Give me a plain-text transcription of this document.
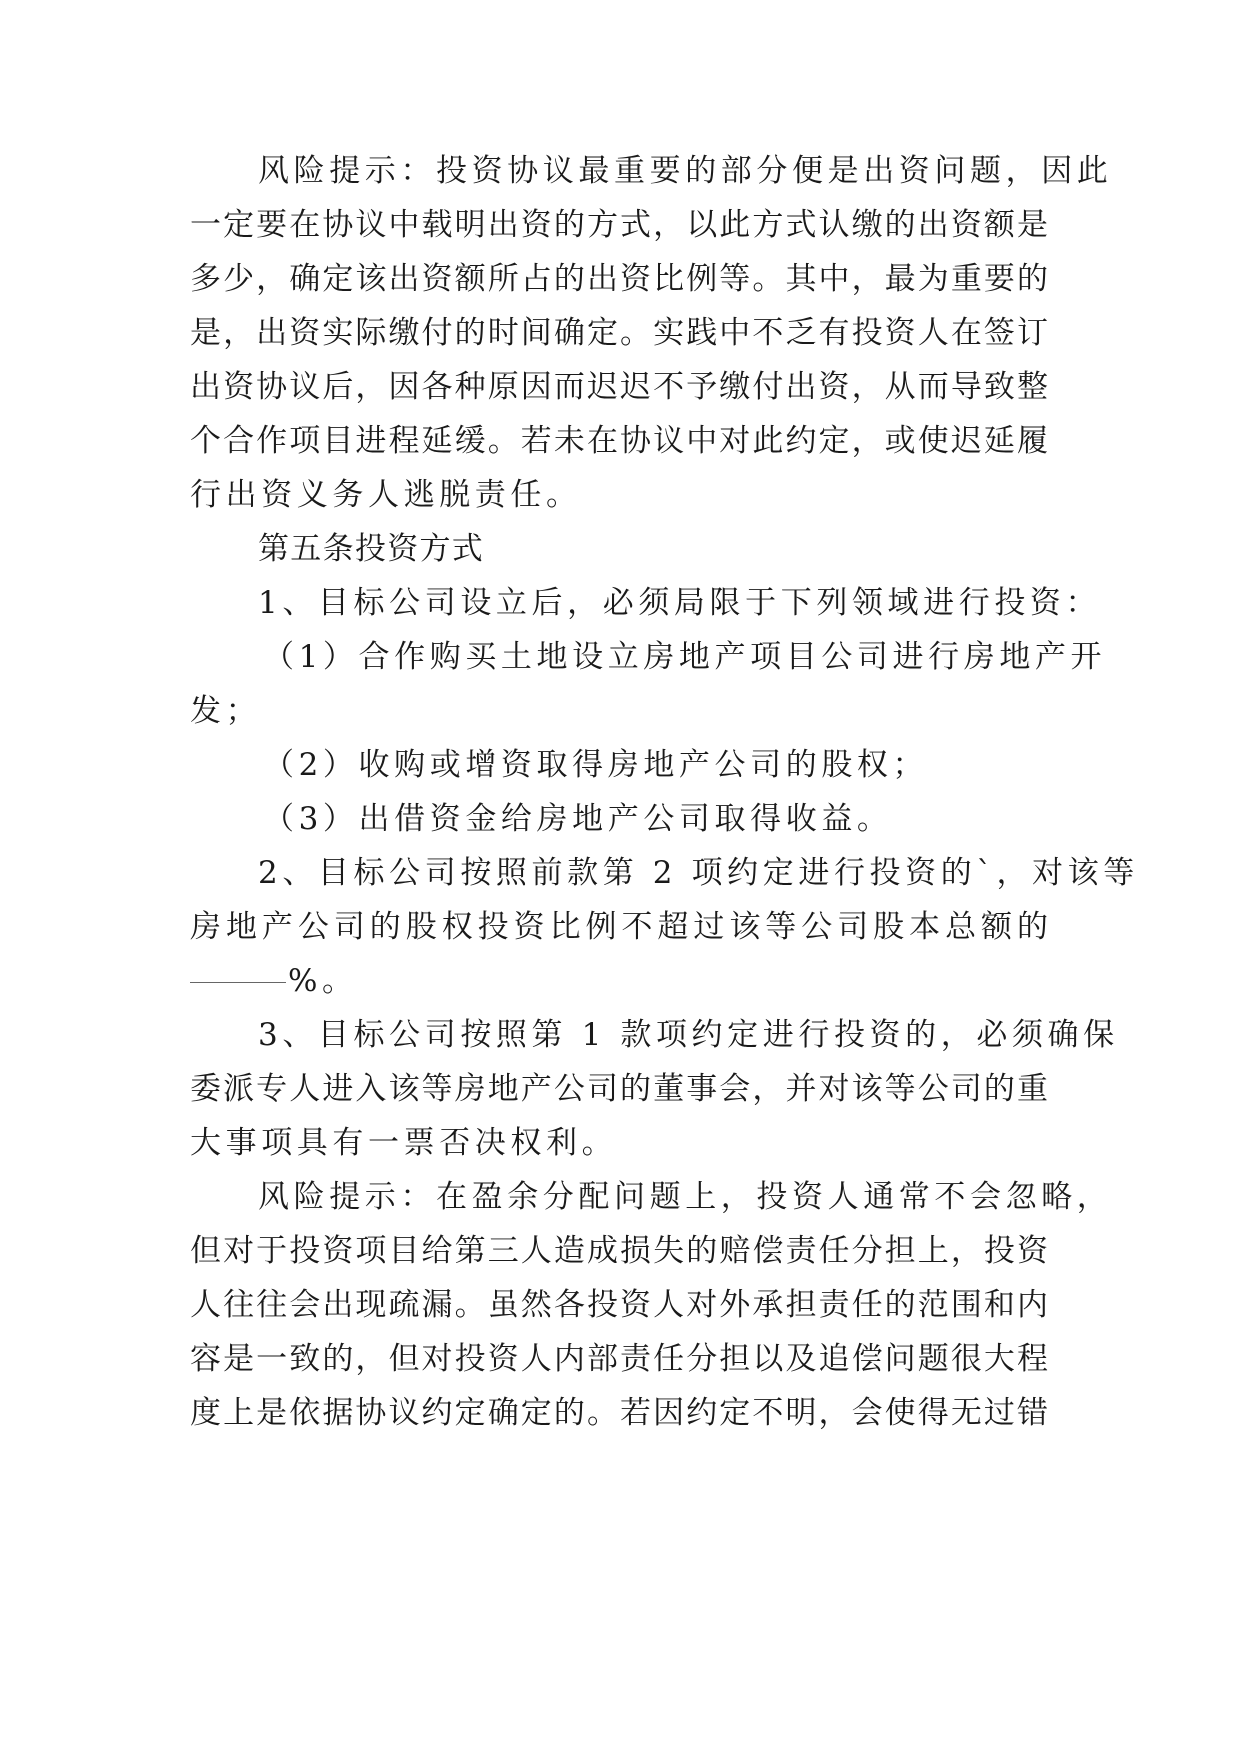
风险提示：投资协议最重要的部分便是出资问题，因此
一定要在协议中载明出资的方式，以此方式认缴的出资额是
多少，确定该出资额所占的出资比例等。其中，最为重要的
是，出资实际缴付的时间确定。实践中不乏有投资人在签订
出资协议后，因各种原因而迟迟不予缴付出资，从而导致整
个合作项目进程延缓。若未在协议中对此约定，或使迟延履
行出资义务人逃脱责任。
第五条投资方式
1、目标公司设立后，必须局限于下列领域进行投资：
（1）合作购买土地设立房地产项目公司进行房地产开
发；
（2）收购或增资取得房地产公司的股权；
（3）出借资金给房地产公司取得收益。
2、目标公司按照前款第 2 项约定进行投资的`，对该等
房地产公司的股权投资比例不超过该等公司股本总额的
%。
3、目标公司按照第 1 款项约定进行投资的，必须确保
委派专人进入该等房地产公司的董事会，并对该等公司的重
大事项具有一票否决权利。
风险提示：在盈余分配问题上，投资人通常不会忽略，
但对于投资项目给第三人造成损失的赔偿责任分担上，投资
人往往会出现疏漏。虽然各投资人对外承担责任的范围和内
容是一致的，但对投资人内部责任分担以及追偿问题很大程
度上是依据协议约定确定的。若因约定不明，会使得无过错
